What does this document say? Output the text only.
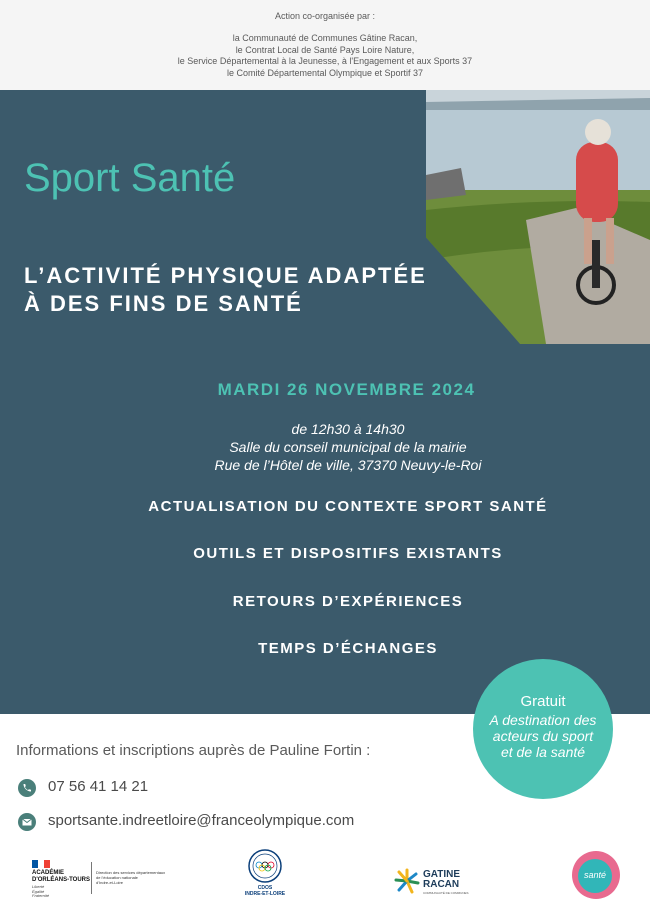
Action co-organisée par :
la Communauté de Communes Gâtine Racan,
le Contrat Local de Santé Pays Loire Nature,
le Service Départemental à la Jeunesse, à l'Engagement et aux Sports 37
le Comité Départemental Olympique et Sportif 37
Sport Santé
L’ACTIVITÉ PHYSIQUE ADAPTÉE
À DES FINS DE SANTÉ
MARDI 26 NOVEMBRE 2024
de 12h30 à 14h30
Salle du conseil municipal de la mairie
Rue de l’Hôtel de ville, 37370 Neuvy-le-Roi
ACTUALISATION DU CONTEXTE SPORT SANTÉ
OUTILS ET DISPOSITIFS EXISTANTS
RETOURS D’EXPÉRIENCES
TEMPS D’ÉCHANGES
Gratuit
A destination des
acteurs du sport
et de la santé
Informations et inscriptions auprès de Pauline Fortin :
07 56 41 14 21
sportsante.indreetloire@franceolympique.com
ACADÉMIE
D'ORLÉANS-TOURS
Liberté
Égalité
Fraternité
Direction des services départementaux
de l'éducation nationale
d'Indre-et-Loire
CDOS
INDRE-ET-LOIRE
GATINE
RACAN
COMMUNAUTÉ DE COMMUNES
santé
